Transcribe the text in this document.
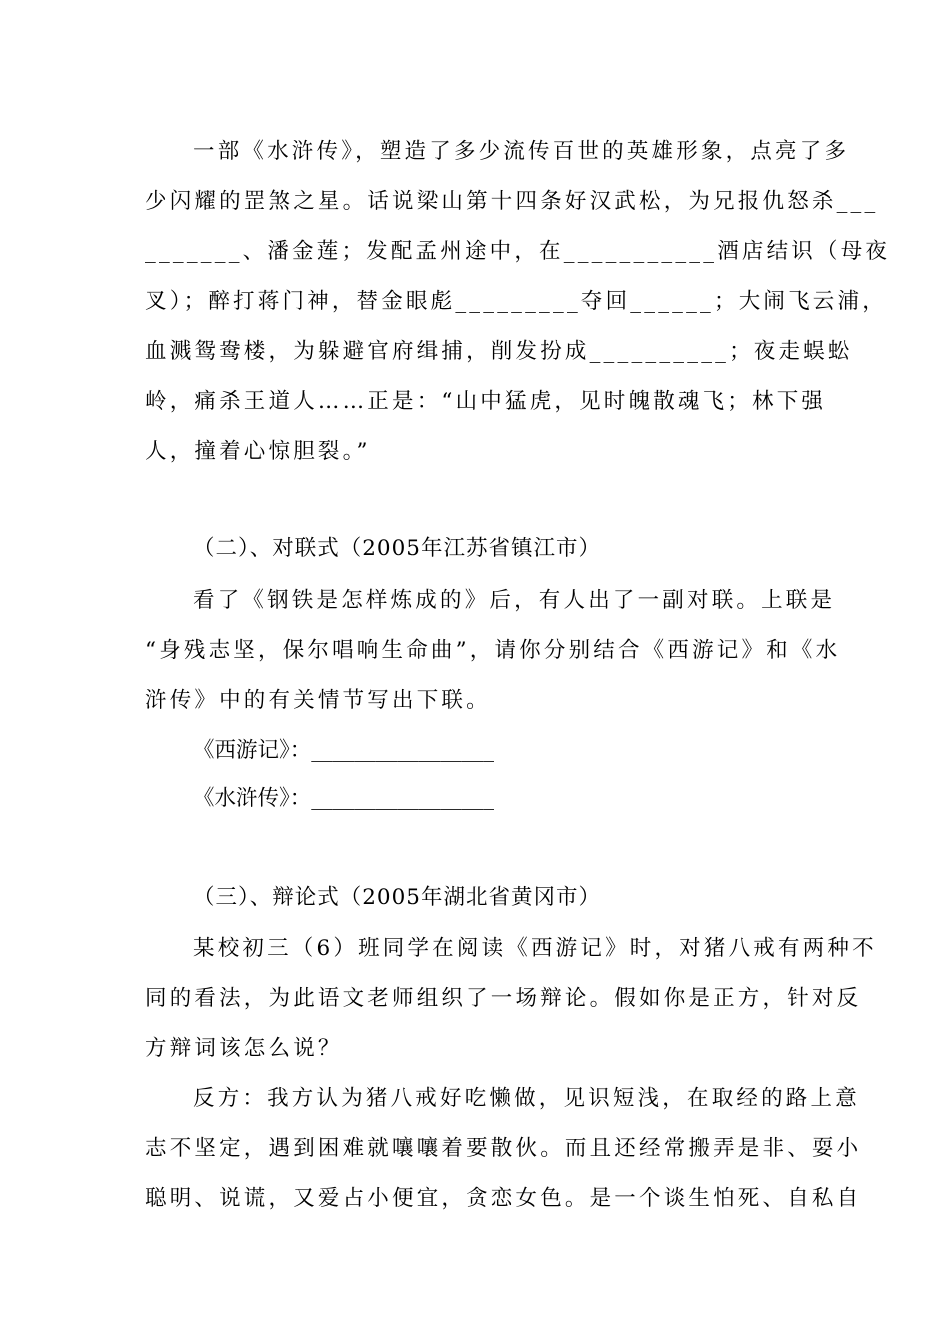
一部《水浒传》，塑造了多少流传百世的英雄形象，点亮了多
少闪耀的罡煞之星。话说梁山第十四条好汉武松，为兄报仇怒杀___
_______、潘金莲；发配孟州途中，在___________酒店结识（母夜
叉）；醉打蒋门神，替金眼彪_________夺回______；大闹飞云浦，
血溅鸳鸯楼，为躲避官府缉捕，削发扮成__________；夜走蜈蚣
岭，痛杀王道人……正是：“山中猛虎，见时魄散魂飞；林下强
人，撞着心惊胆裂。”
（二）、对联式（2005年江苏省镇江市）
看了《钢铁是怎样炼成的》后，有人出了一副对联。上联是
“身残志坚，保尔唱响生命曲”，请你分别结合《西游记》和《水
浒传》中的有关情节写出下联。
《西游记》：_________________
《水浒传》：_________________
（三）、辩论式（2005年湖北省黄冈市）
某校初三（6）班同学在阅读《西游记》时，对猪八戒有两种不
同的看法，为此语文老师组织了一场辩论。假如你是正方，针对反
方辩词该怎么说？
反方：我方认为猪八戒好吃懒做，见识短浅，在取经的路上意
志不坚定，遇到困难就嚷嚷着要散伙。而且还经常搬弄是非、耍小
聪明、说谎，又爱占小便宜，贪恋女色。是一个谈生怕死、自私自
